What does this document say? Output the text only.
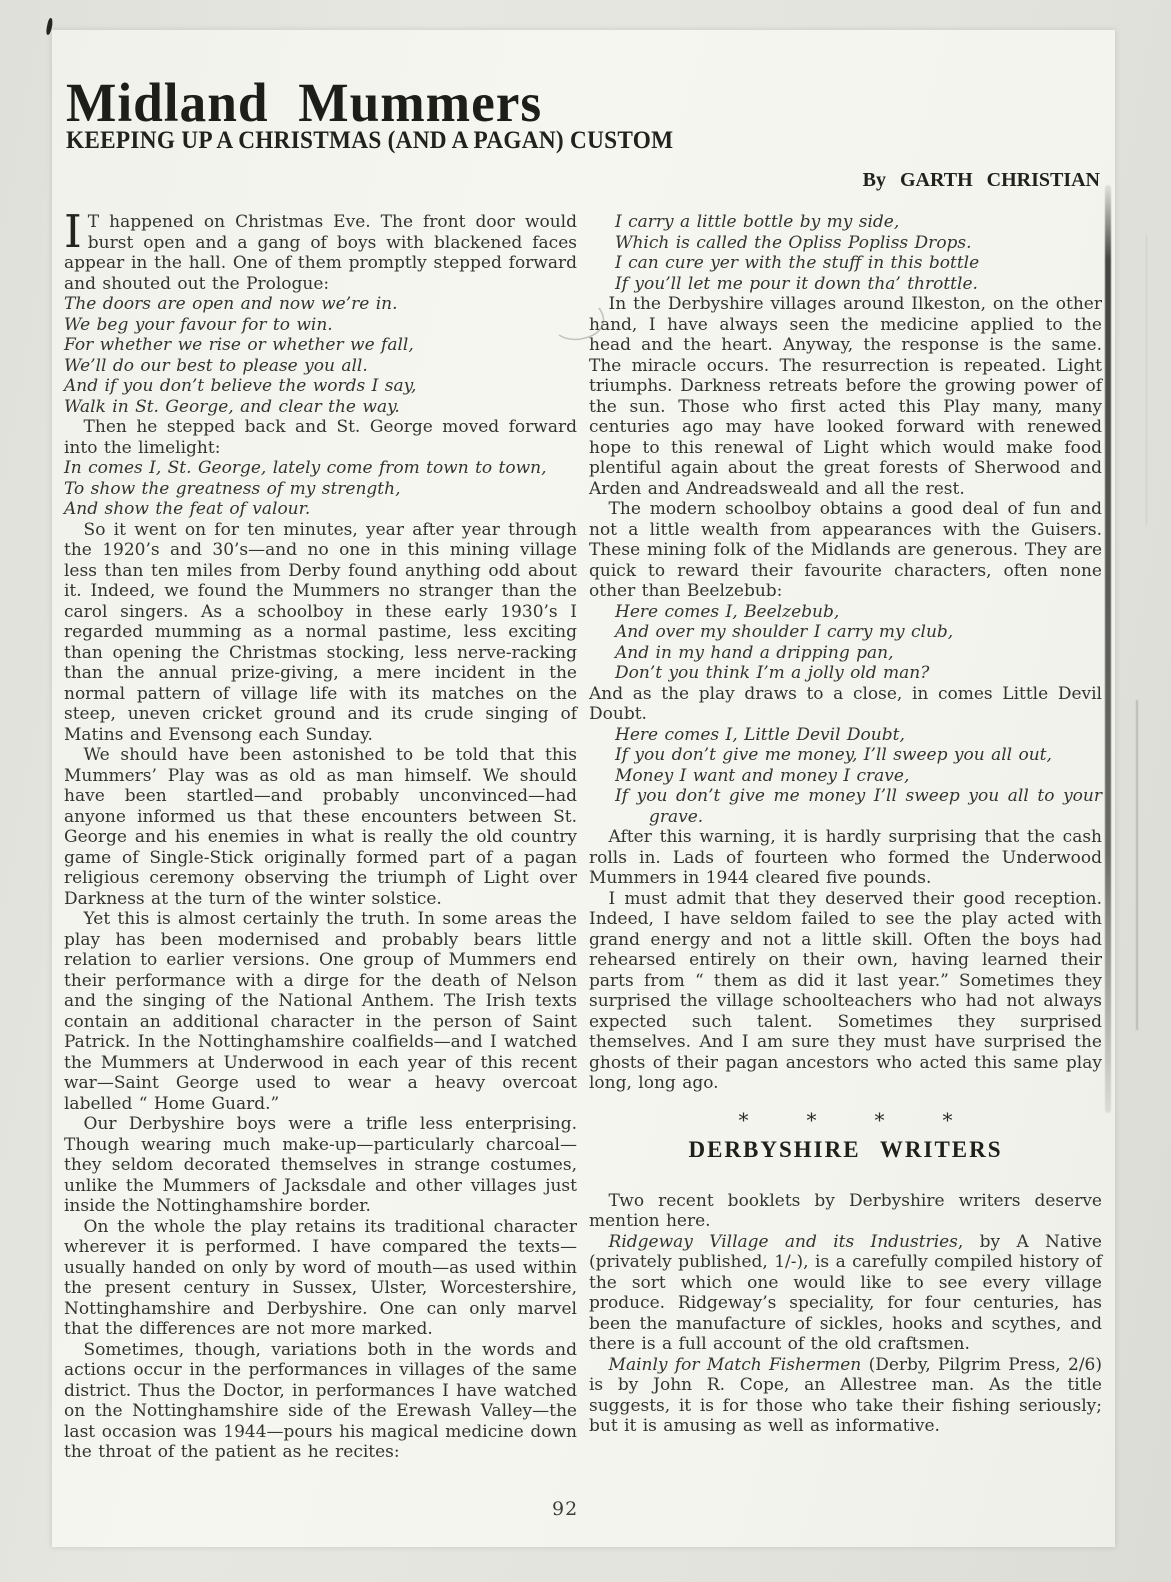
Midland Mummers
KEEPING UP A CHRISTMAS (AND A PAGAN) CUSTOM
By GARTH CHRISTIAN

I T happened on Christmas Eve. The front door would burst open and a gang of boys with blackened faces appear in the hall. One of them promptly stepped forward and shouted out the Prologue:

The doors are open and now we’re in.
We beg your favour for to win.
For whether we rise or whether we fall,
We’ll do our best to please you all.
And if you don’t believe the words I say,
Walk in St. George, and clear the way.

Then he stepped back and St. George moved forward into the limelight:

In comes I, St. George, lately come from town to town,
To show the greatness of my strength,
And show the feat of valour.

So it went on for ten minutes, year after year through the 1920’s and 30’s—and no one in this mining village less than ten miles from Derby found anything odd about it. Indeed, we found the Mummers no stranger than the carol singers. As a schoolboy in these early 1930’s I regarded mumming as a normal pastime, less exciting than opening the Christmas stocking, less nerve-racking than the annual prize-giving, a mere incident in the normal pattern of village life with its matches on the steep, uneven cricket ground and its crude singing of Matins and Evensong each Sunday.

We should have been astonished to be told that this Mummers’ Play was as old as man himself. We should have been startled—and probably unconvinced—had anyone informed us that these encounters between St. George and his enemies in what is really the old country game of Single-Stick originally formed part of a pagan religious ceremony observing the triumph of Light over Darkness at the turn of the winter solstice.

Yet this is almost certainly the truth. In some areas the play has been modernised and probably bears little relation to earlier versions. One group of Mummers end their performance with a dirge for the death of Nelson and the singing of the National Anthem. The Irish texts contain an additional character in the person of Saint Patrick. In the Nottinghamshire coalfields—and I watched the Mummers at Underwood in each year of this recent war—Saint George used to wear a heavy overcoat labelled “ Home Guard.”

Our Derbyshire boys were a trifle less enterprising. Though wearing much make-up—particularly charcoal—they seldom decorated themselves in strange costumes, unlike the Mummers of Jacksdale and other villages just inside the Nottinghamshire border.

On the whole the play retains its traditional character wherever it is performed. I have compared the texts—usually handed on only by word of mouth—as used within the present century in Sussex, Ulster, Worcestershire, Nottinghamshire and Derbyshire. One can only marvel that the differences are not more marked.

Sometimes, though, variations both in the words and actions occur in the performances in villages of the same district. Thus the Doctor, in performances I have watched on the Nottinghamshire side of the Erewash Valley—the last occasion was 1944—pours his magical medicine down the throat of the patient as he recites:

I carry a little bottle by my side,
Which is called the Opliss Popliss Drops.
I can cure yer with the stuff in this bottle
If you’ll let me pour it down tha’ throttle.

In the Derbyshire villages around Ilkeston, on the other hand, I have always seen the medicine applied to the head and the heart. Anyway, the response is the same. The miracle occurs. The resurrection is repeated. Light triumphs. Darkness retreats before the growing power of the sun. Those who first acted this Play many, many centuries ago may have looked forward with renewed hope to this renewal of Light which would make food plentiful again about the great forests of Sherwood and Arden and Andreadsweald and all the rest.

The modern schoolboy obtains a good deal of fun and not a little wealth from appearances with the Guisers. These mining folk of the Midlands are generous. They are quick to reward their favourite characters, often none other than Beelzebub:

Here comes I, Beelzebub,
And over my shoulder I carry my club,
And in my hand a dripping pan,
Don’t you think I’m a jolly old man?

And as the play draws to a close, in comes Little Devil Doubt.

Here comes I, Little Devil Doubt,
If you don’t give me money, I’ll sweep you all out,
Money I want and money I crave,
If you don’t give me money I’ll sweep you all to your grave.

After this warning, it is hardly surprising that the cash rolls in. Lads of fourteen who formed the Underwood Mummers in 1944 cleared five pounds.

I must admit that they deserved their good reception. Indeed, I have seldom failed to see the play acted with grand energy and not a little skill. Often the boys had rehearsed entirely on their own, having learned their parts from “ them as did it last year.” Sometimes they surprised the village schoolteachers who had not always expected such talent. Sometimes they surprised themselves. And I am sure they must have surprised the ghosts of their pagan ancestors who acted this same play long, long ago.

*	*	*	*
DERBYSHIRE WRITERS

Two recent booklets by Derbyshire writers deserve mention here.

Ridgeway Village and its Industries, by A Native (privately published, 1/-), is a carefully compiled history of the sort which one would like to see every village produce. Ridgeway’s speciality, for four centuries, has been the manufacture of sickles, hooks and scythes, and there is a full account of the old craftsmen.

Mainly for Match Fishermen (Derby, Pilgrim Press, 2/6) is by John R. Cope, an Allestree man. As the title suggests, it is for those who take their fishing seriously; but it is amusing as well as informative.

92
